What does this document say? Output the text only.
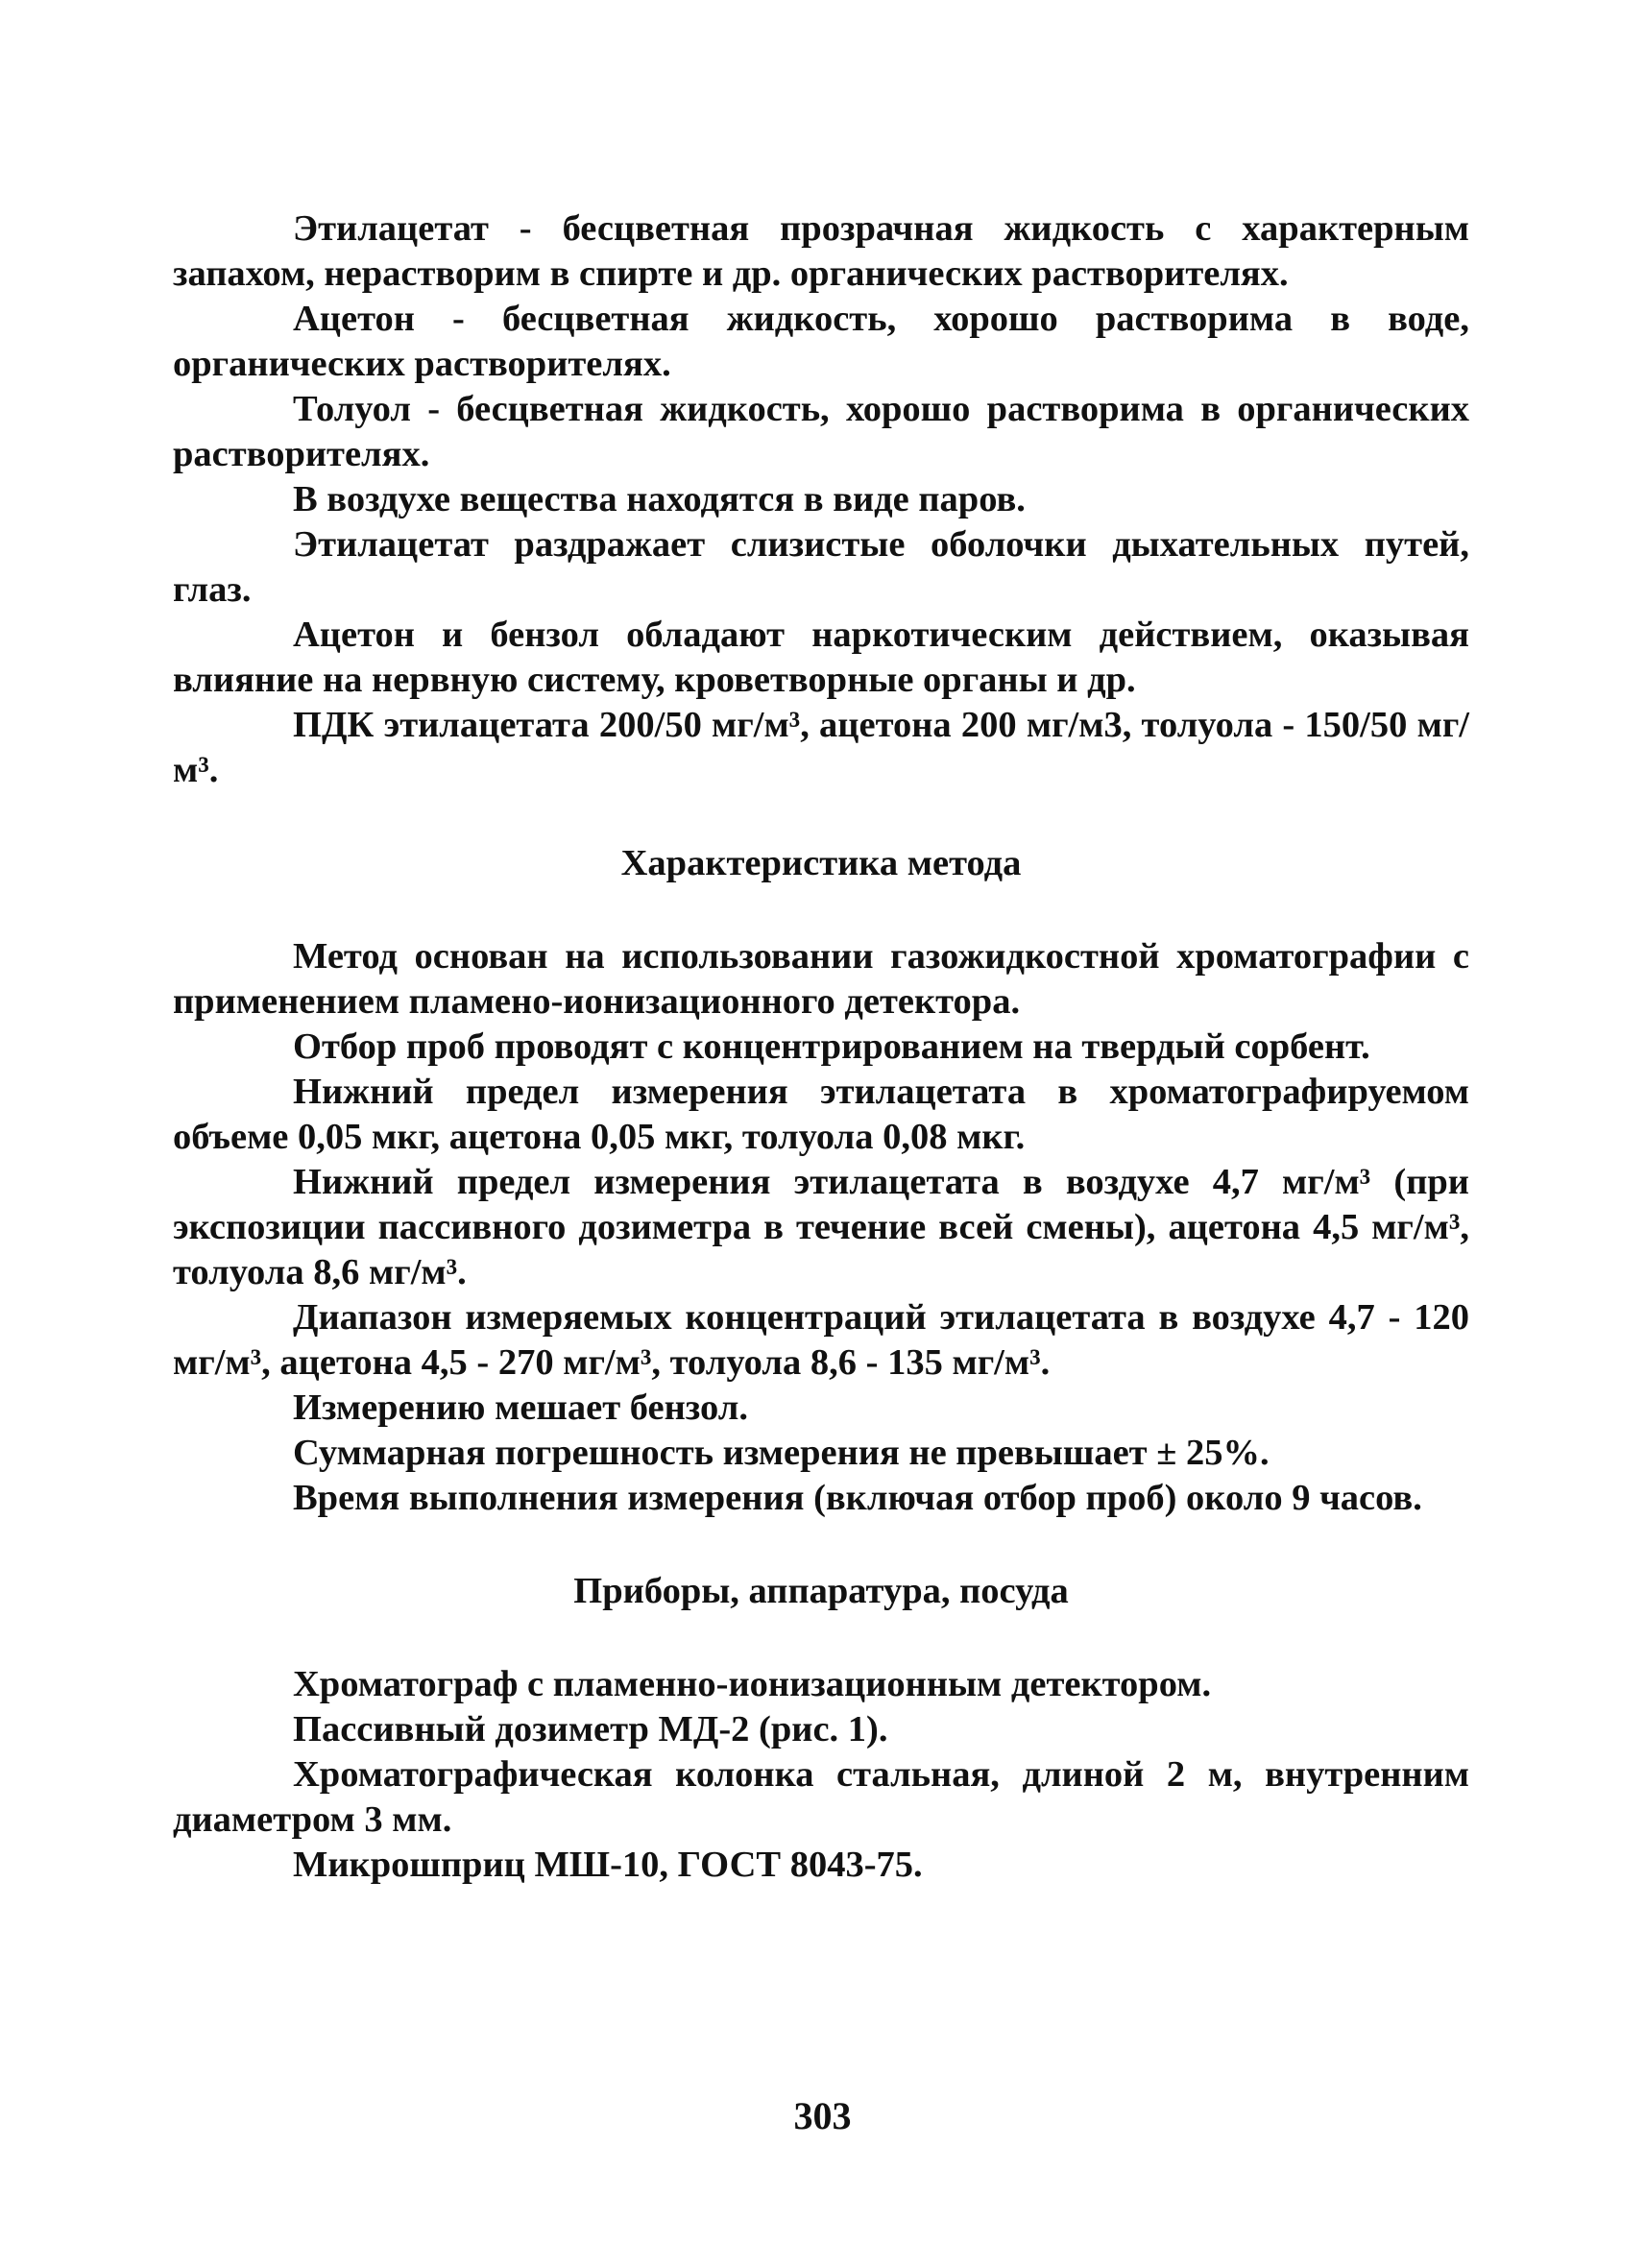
Этилацетат - бесцветная прозрачная жидкость с характерным запахом, нерастворим в спирте и др. органических растворителях.

Ацетон - бесцветная жидкость, хорошо растворима в воде, органических растворителях.

Толуол - бесцветная жидкость, хорошо растворима в органических растворителях.

В воздухе вещества находятся в виде паров.

Этилацетат раздражает слизистые оболочки дыхательных путей, глаз.

Ацетон и бензол обладают наркотическим действием, оказывая влияние на нервную систему, кроветворные органы и др.

ПДК этилацетата 200/50 мг/м³, ацетона 200 мг/м3, толуола - 150/50 мг/м³.

Характеристика метода

Метод основан на использовании газожидкостной хроматографии с применением пламено-ионизационного детектора.

Отбор проб проводят с концентрированием на твердый сорбент.

Нижний предел измерения этилацетата в хроматографируемом объеме 0,05 мкг, ацетона 0,05 мкг, толуола 0,08 мкг.

Нижний предел измерения этилацетата в воздухе 4,7 мг/м³ (при экспозиции пассивного дозиметра в течение всей смены), ацетона 4,5 мг/м³, толуола 8,6 мг/м³.

Диапазон измеряемых концентраций этилацетата в воздухе 4,7 - 120 мг/м³, ацетона 4,5 - 270 мг/м³, толуола 8,6 - 135 мг/м³.

Измерению мешает бензол.

Суммарная погрешность измерения не превышает ± 25%.

Время выполнения измерения (включая отбор проб) около 9 часов.

Приборы, аппаратура, посуда

Хроматограф с пламенно-ионизационным детектором.

Пассивный дозиметр МД-2 (рис. 1).

Хроматографическая колонка стальная, длиной 2 м, внутренним диаметром 3 мм.

Микрошприц МШ-10, ГОСТ 8043-75.

303
